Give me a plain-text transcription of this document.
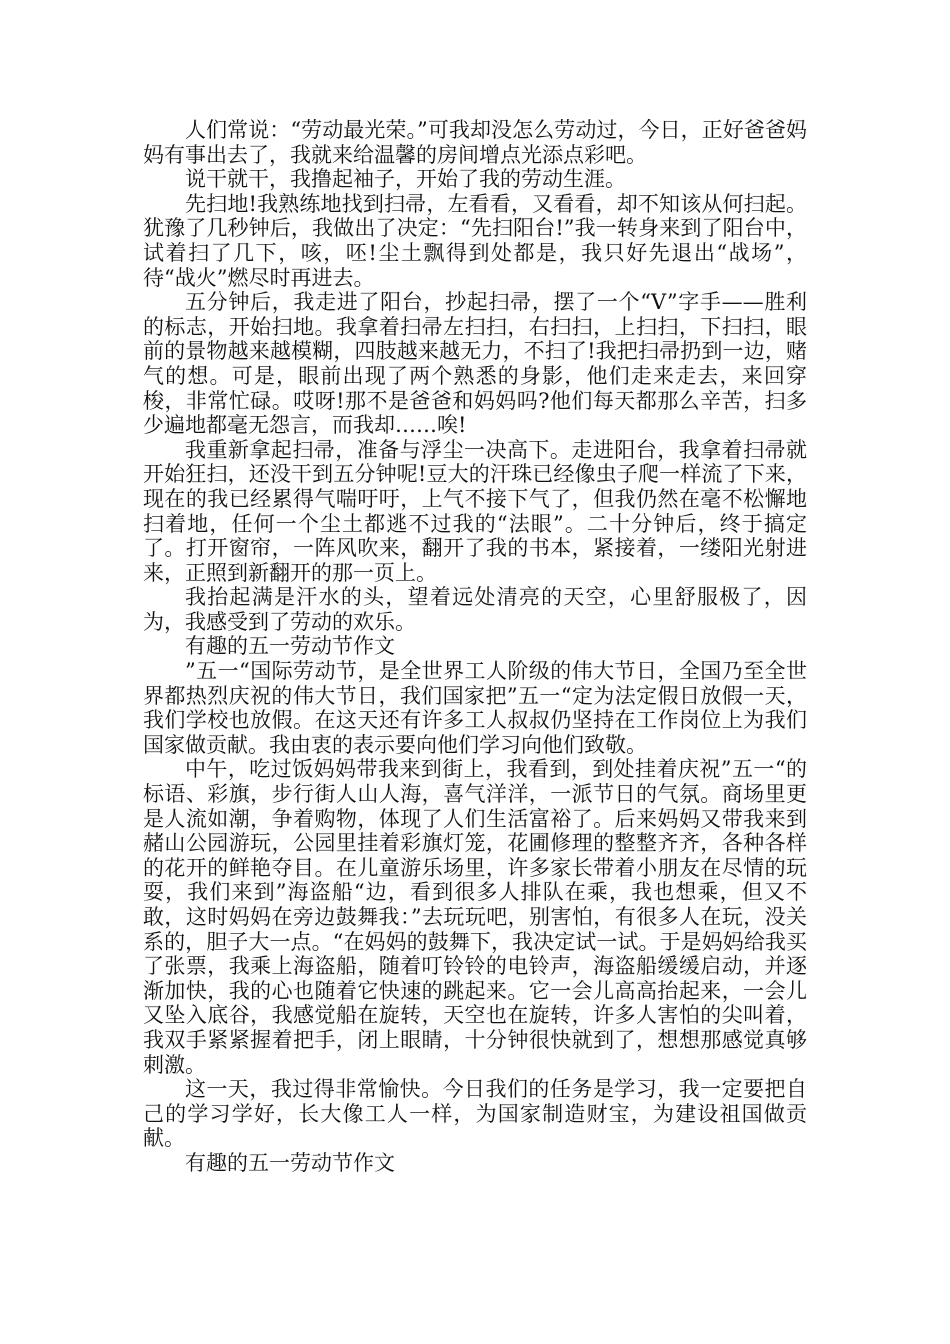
人们常说：“劳动最光荣。”可我却没怎么劳动过，今日，正好爸爸妈妈有事出去了，我就来给温馨的房间增点光添点彩吧。

说干就干，我撸起袖子，开始了我的劳动生涯。

先扫地!我熟练地找到扫帚，左看看，又看看，却不知该从何扫起。犹豫了几秒钟后，我做出了决定：“先扫阳台!”我一转身来到了阳台中，试着扫了几下，咳，呸!尘土飘得到处都是，我只好先退出“战场”，待“战火”燃尽时再进去。

五分钟后，我走进了阳台，抄起扫帚，摆了一个“V”字手——胜利的标志，开始扫地。我拿着扫帚左扫扫，右扫扫，上扫扫，下扫扫，眼前的景物越来越模糊，四肢越来越无力，不扫了!我把扫帚扔到一边，赌气的想。可是，眼前出现了两个熟悉的身影，他们走来走去，来回穿梭，非常忙碌。哎呀!那不是爸爸和妈妈吗?他们每天都那么辛苦，扫多少遍地都毫无怨言，而我却……唉!

我重新拿起扫帚，准备与浮尘一决高下。走进阳台，我拿着扫帚就开始狂扫，还没干到五分钟呢!豆大的汗珠已经像虫子爬一样流了下来，现在的我已经累得气喘吁吁，上气不接下气了，但我仍然在毫不松懈地扫着地，任何一个尘土都逃不过我的“法眼”。二十分钟后，终于搞定了。打开窗帘，一阵风吹来，翻开了我的书本，紧接着，一缕阳光射进来，正照到新翻开的那一页上。

我抬起满是汗水的头，望着远处清亮的天空，心里舒服极了，因为，我感受到了劳动的欢乐。

有趣的五一劳动节作文

”五一“国际劳动节，是全世界工人阶级的伟大节日，全国乃至全世界都热烈庆祝的伟大节日，我们国家把”五一“定为法定假日放假一天，我们学校也放假。在这天还有许多工人叔叔仍坚持在工作岗位上为我们国家做贡献。我由衷的表示要向他们学习向他们致敬。

中午，吃过饭妈妈带我来到街上，我看到，到处挂着庆祝”五一“的标语、彩旗，步行街人山人海，喜气洋洋，一派节日的气氛。商场里更是人流如潮，争着购物，体现了人们生活富裕了。后来妈妈又带我来到赭山公园游玩，公园里挂着彩旗灯笼，花圃修理的整整齐齐，各种各样的花开的鲜艳夺目。在儿童游乐场里，许多家长带着小朋友在尽情的玩耍，我们来到”海盗船“边，看到很多人排队在乘，我也想乘，但又不敢，这时妈妈在旁边鼓舞我：”去玩玩吧，别害怕，有很多人在玩，没关系的，胆子大一点。“在妈妈的鼓舞下，我决定试一试。于是妈妈给我买了张票，我乘上海盗船，随着叮铃铃的电铃声，海盗船缓缓启动，并逐渐加快，我的心也随着它快速的跳起来。它一会儿高高抬起来，一会儿又坠入底谷，我感觉船在旋转，天空也在旋转，许多人害怕的尖叫着，我双手紧紧握着把手，闭上眼睛，十分钟很快就到了，想想那感觉真够刺激。

这一天，我过得非常愉快。今日我们的任务是学习，我一定要把自己的学习学好，长大像工人一样，为国家制造财宝，为建设祖国做贡献。

有趣的五一劳动节作文
